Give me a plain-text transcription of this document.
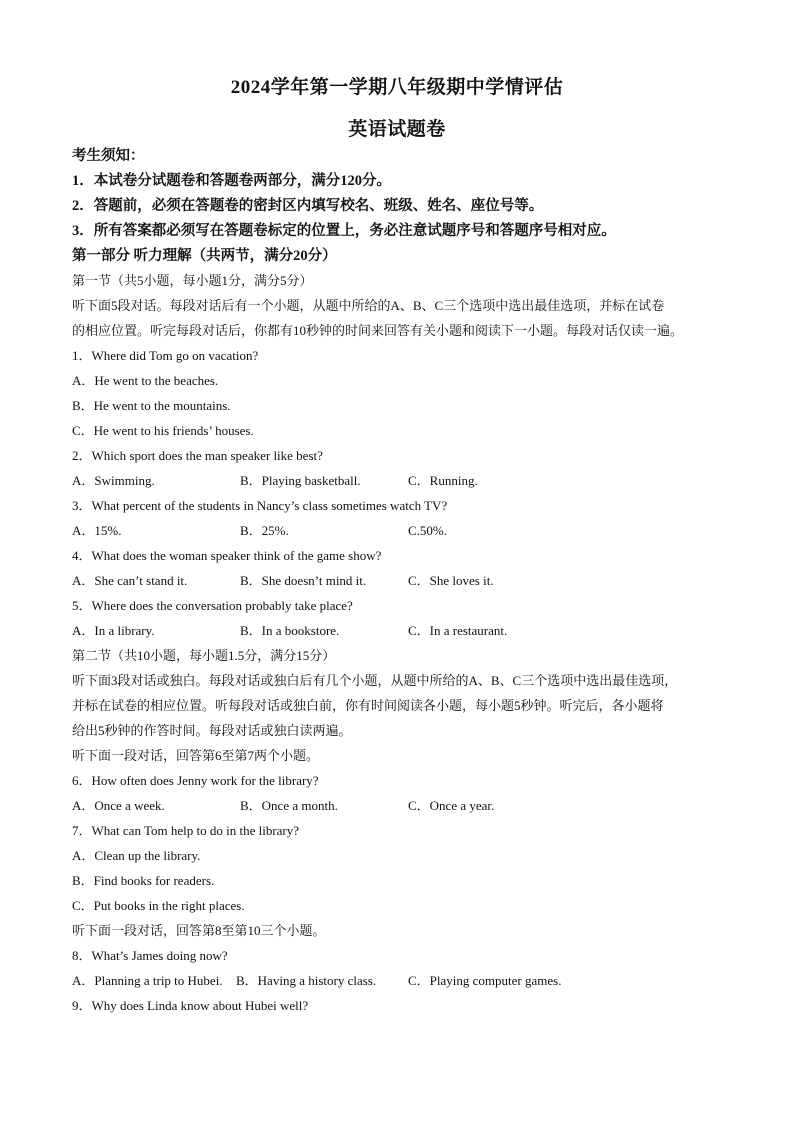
2024学年第一学期八年级期中学情评估
英语试题卷
考生须知：
1．本试卷分试题卷和答题卷两部分，满分120分。
2．答题前，必须在答题卷的密封区内填写校名、班级、姓名、座位号等。
3．所有答案都必须写在答题卷标定的位置上，务必注意试题序号和答题序号相对应。
第一部分 听力理解（共两节，满分20分）
第一节（共5小题，每小题1分，满分5分）
听下面5段对话。每段对话后有一个小题，从题中所给的A、B、C三个选项中选出最佳选项，并标在试卷
的相应位置。听完每段对话后，你都有10秒钟的时间来回答有关小题和阅读下一小题。每段对话仅读一遍。
1．Where did Tom go on vacation?
A．He went to the beaches.
B．He went to the mountains.
C．He went to his friends’ houses.
2．Which sport does the man speaker like best?
A．Swimming.	B．Playing basketball.	C．Running.
3．What percent of the students in Nancy’s class sometimes watch TV?
A．15%.	B．25%.	C.50%.
4．What does the woman speaker think of the game show?
A．She can’t stand it.	B．She doesn’t mind it.	C．She loves it.
5．Where does the conversation probably take place?
A．In a library.	B．In a bookstore.	C．In a restaurant.
第二节（共10小题，每小题1.5分，满分15分）
听下面3段对话或独白。每段对话或独白后有几个小题，从题中所给的A、B、C三个选项中选出最佳选项，
并标在试卷的相应位置。听每段对话或独白前，你有时间阅读各小题，每小题5秒钟。听完后，各小题将
给出5秒钟的作答时间。每段对话或独白读两遍。
听下面一段对话，回答第6至第7两个小题。
6．How often does Jenny work for the library?
A．Once a week.	B．Once a month.	C．Once a year.
7．What can Tom help to do in the library?
A．Clean up the library.
B．Find books for readers.
C．Put books in the right places.
听下面一段对话，回答第8至第10三个小题。
8．What’s James doing now?
A．Planning a trip to Hubei. B．Having a history class. C．Playing computer games.
9．Why does Linda know about Hubei well?
